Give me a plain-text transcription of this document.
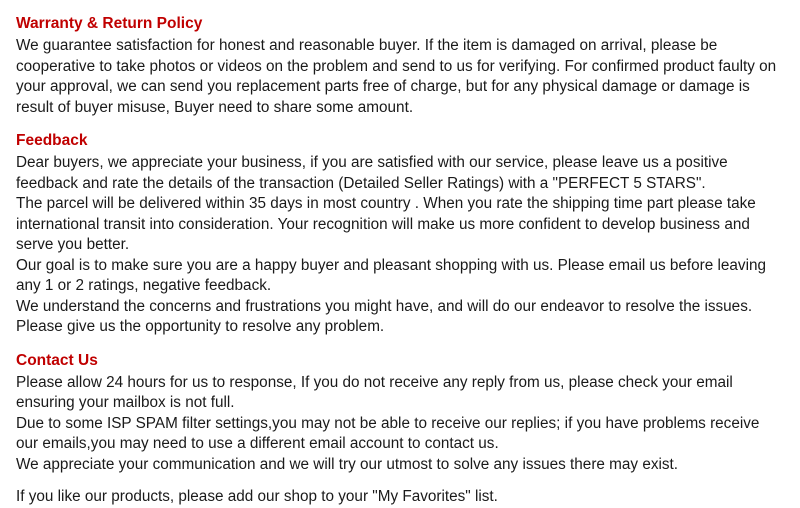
Warranty & Return Policy

We guarantee satisfaction for honest and reasonable buyer. If the item is damaged on arrival, please be cooperative to take photos or videos on the problem and send to us for verifying. For confirmed product faulty on your approval, we can send you replacement parts free of charge, but for any physical damage or damage is result of buyer misuse, Buyer need to share some amount.

Feedback

Dear buyers, we appreciate your business, if you are satisfied with our service, please leave us a positive feedback and rate the details of the transaction (Detailed Seller Ratings) with a "PERFECT 5 STARS".

The parcel will be delivered within 35 days in most country . When you rate the shipping time part please take international transit into consideration. Your recognition will make us more confident to develop business and serve you better.

Our goal is to make sure you are a happy buyer and pleasant shopping with us. Please email us before leaving any 1 or 2 ratings, negative feedback.

We understand the concerns and frustrations you might have, and will do our endeavor to resolve the issues. Please give us the opportunity to resolve any problem.

Contact Us

Please allow 24 hours for us to response, If you do not receive any reply from us, please check your email ensuring your mailbox is not full.

Due to some ISP SPAM filter settings,you may not be able to receive our replies; if you have problems receive our emails,you may need to use a different email account to contact us.

We appreciate your communication and we will try our utmost to solve any issues there may exist.

If you like our products, please add our shop to your "My Favorites" list.
